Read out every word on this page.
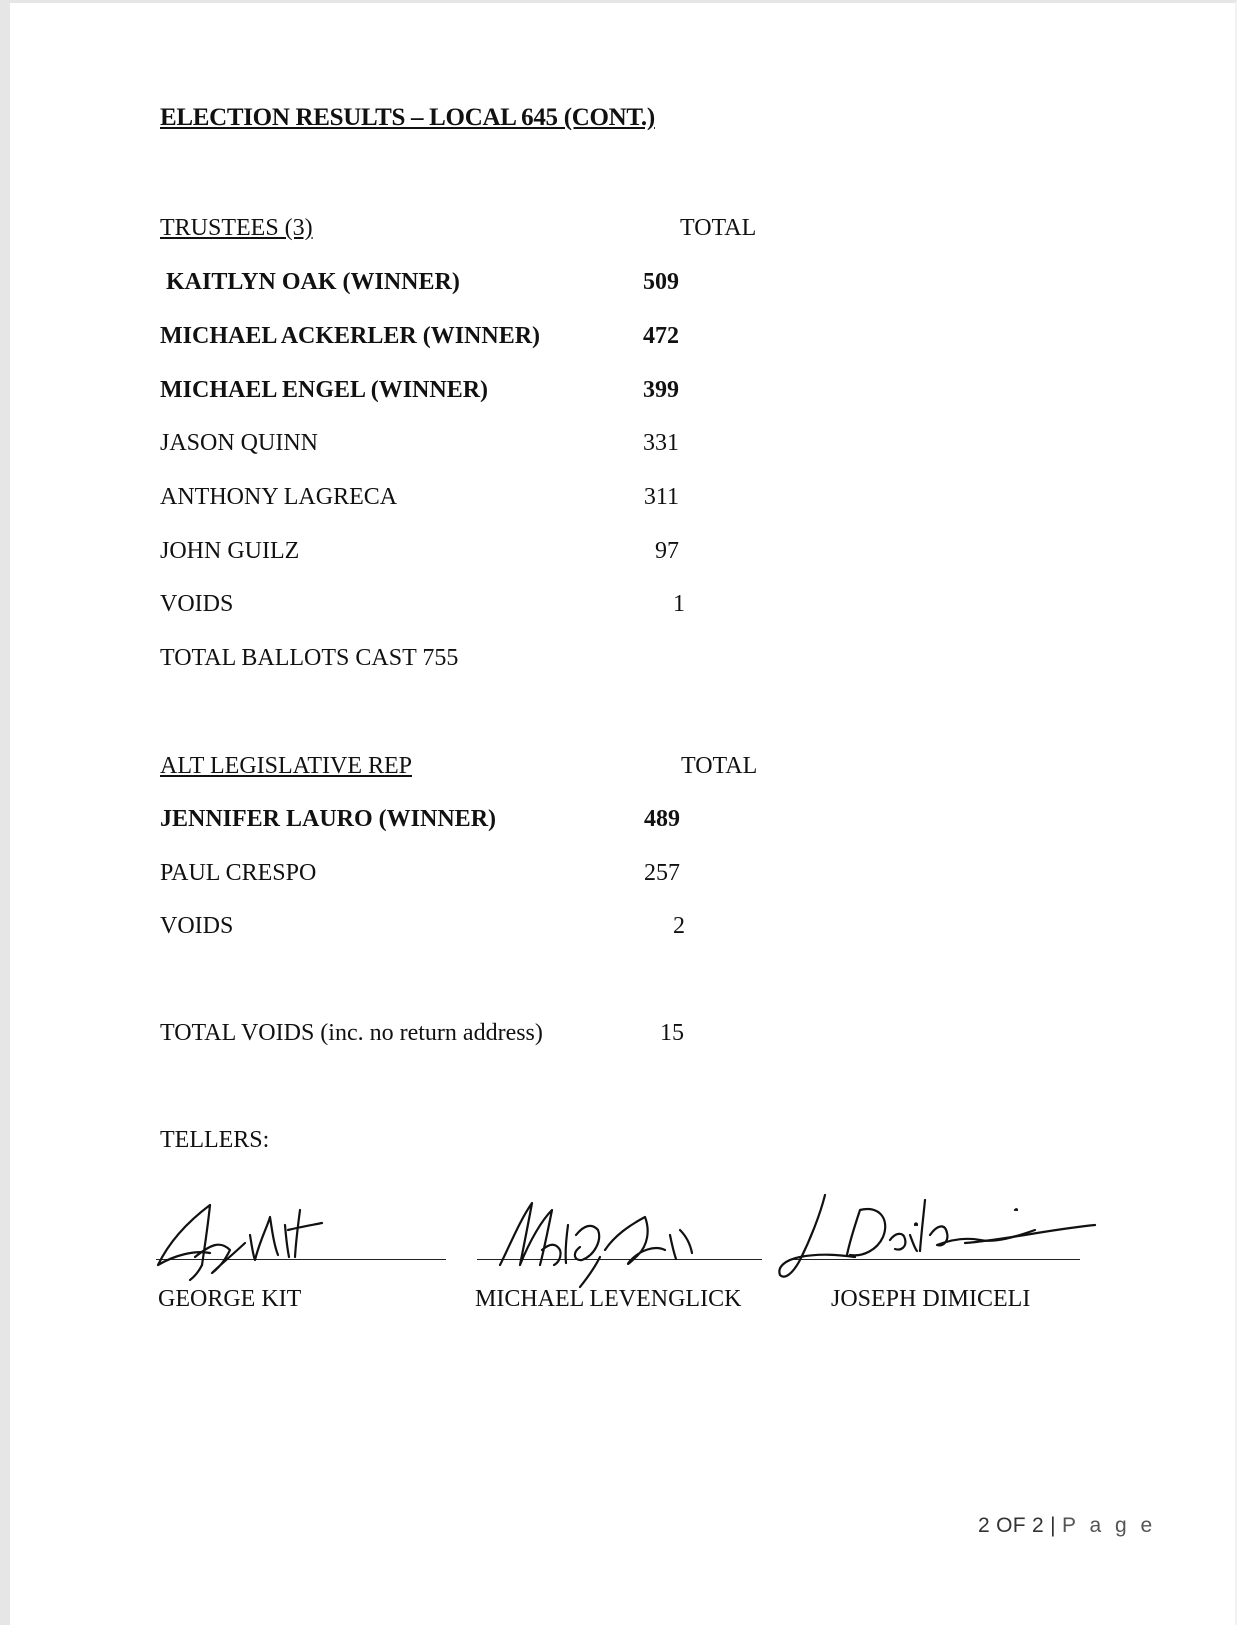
ELECTION RESULTS – LOCAL 645 (CONT.)
TRUSTEES (3)	TOTAL
KAITLYN OAK (WINNER)	509
MICHAEL ACKERLER (WINNER)	472
MICHAEL ENGEL (WINNER)	399
JASON QUINN	331
ANTHONY LAGRECA	311
JOHN GUILZ	97
VOIDS	1
TOTAL BALLOTS CAST 755
ALT LEGISLATIVE REP	TOTAL
JENNIFER LAURO (WINNER)	489
PAUL CRESPO	257
VOIDS	2
TOTAL VOIDS (inc. no return address)	15
TELLERS:
GEORGE KIT	MICHAEL LEVENGLICK	JOSEPH DIMICELI
2 OF 2 | P a g e
